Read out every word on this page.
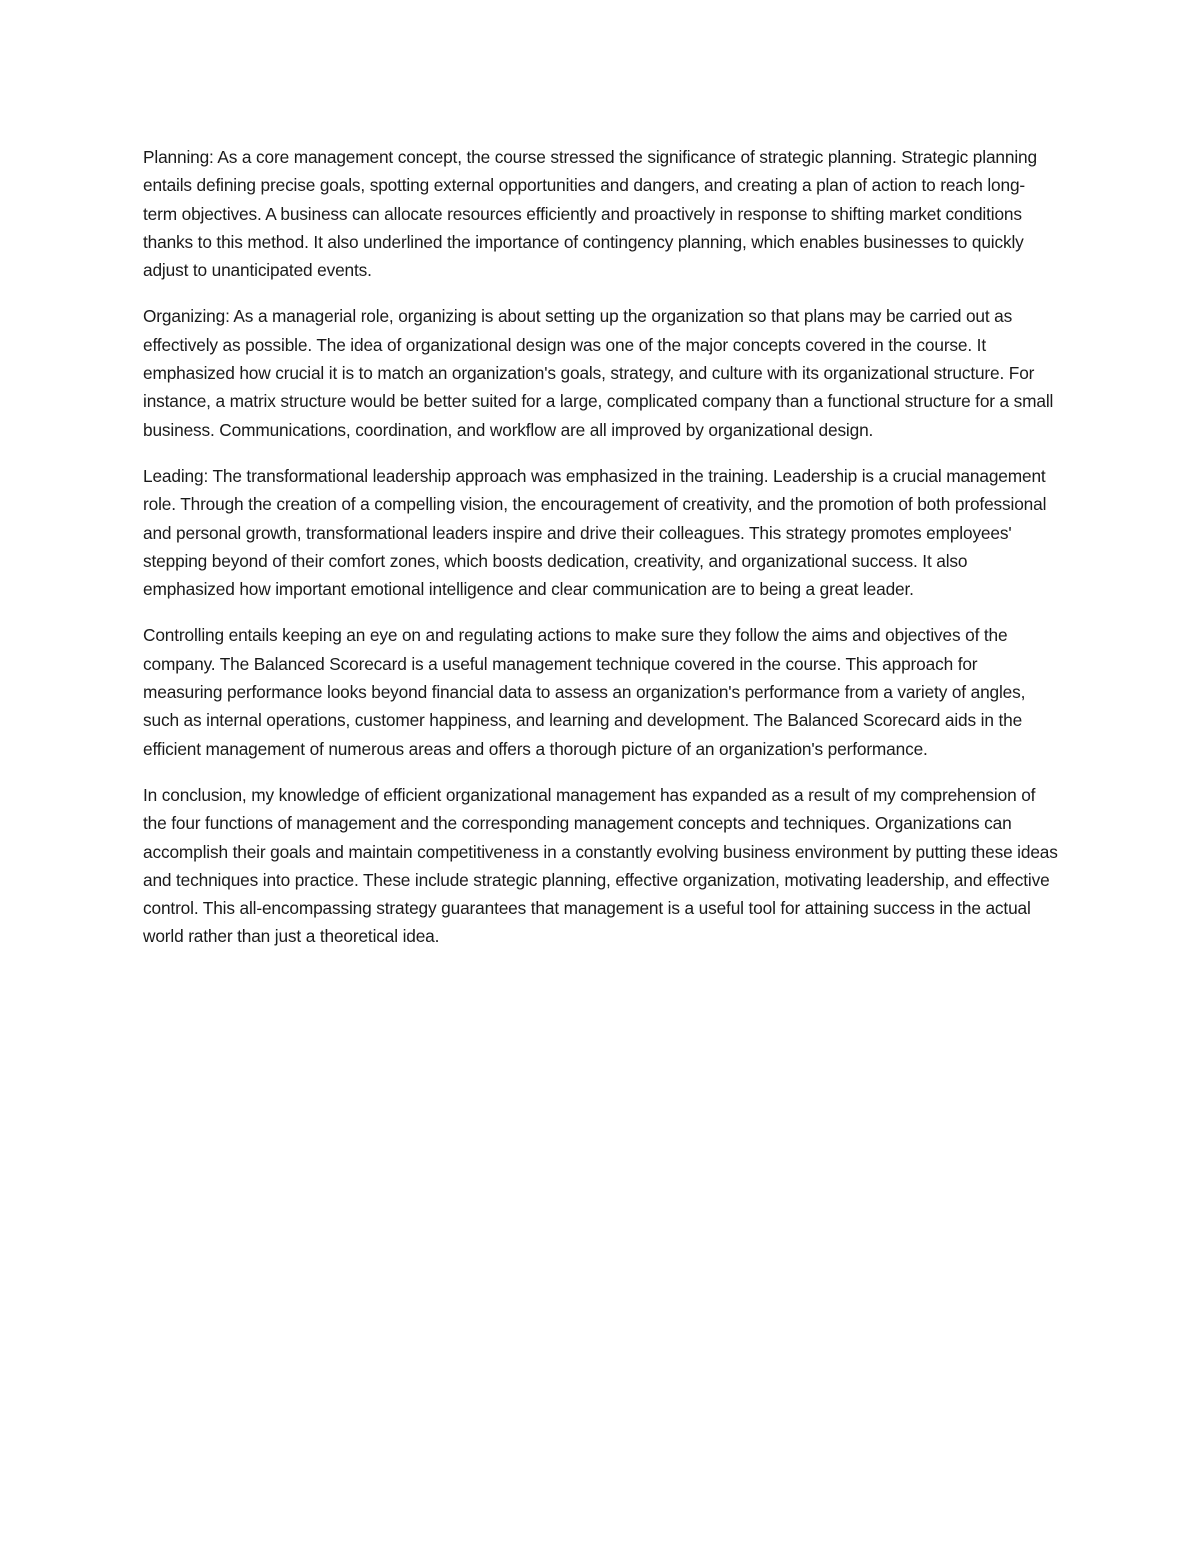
Planning: As a core management concept, the course stressed the significance of strategic planning. Strategic planning entails defining precise goals, spotting external opportunities and dangers, and creating a plan of action to reach long-term objectives. A business can allocate resources efficiently and proactively in response to shifting market conditions thanks to this method. It also underlined the importance of contingency planning, which enables businesses to quickly adjust to unanticipated events.

Organizing: As a managerial role, organizing is about setting up the organization so that plans may be carried out as effectively as possible. The idea of organizational design was one of the major concepts covered in the course. It emphasized how crucial it is to match an organization's goals, strategy, and culture with its organizational structure. For instance, a matrix structure would be better suited for a large, complicated company than a functional structure for a small business. Communications, coordination, and workflow are all improved by organizational design.

Leading: The transformational leadership approach was emphasized in the training. Leadership is a crucial management role. Through the creation of a compelling vision, the encouragement of creativity, and the promotion of both professional and personal growth, transformational leaders inspire and drive their colleagues. This strategy promotes employees' stepping beyond of their comfort zones, which boosts dedication, creativity, and organizational success. It also emphasized how important emotional intelligence and clear communication are to being a great leader.

Controlling entails keeping an eye on and regulating actions to make sure they follow the aims and objectives of the company. The Balanced Scorecard is a useful management technique covered in the course. This approach for measuring performance looks beyond financial data to assess an organization's performance from a variety of angles, such as internal operations, customer happiness, and learning and development. The Balanced Scorecard aids in the efficient management of numerous areas and offers a thorough picture of an organization's performance.

In conclusion, my knowledge of efficient organizational management has expanded as a result of my comprehension of the four functions of management and the corresponding management concepts and techniques. Organizations can accomplish their goals and maintain competitiveness in a constantly evolving business environment by putting these ideas and techniques into practice. These include strategic planning, effective organization, motivating leadership, and effective control. This all-encompassing strategy guarantees that management is a useful tool for attaining success in the actual world rather than just a theoretical idea.
